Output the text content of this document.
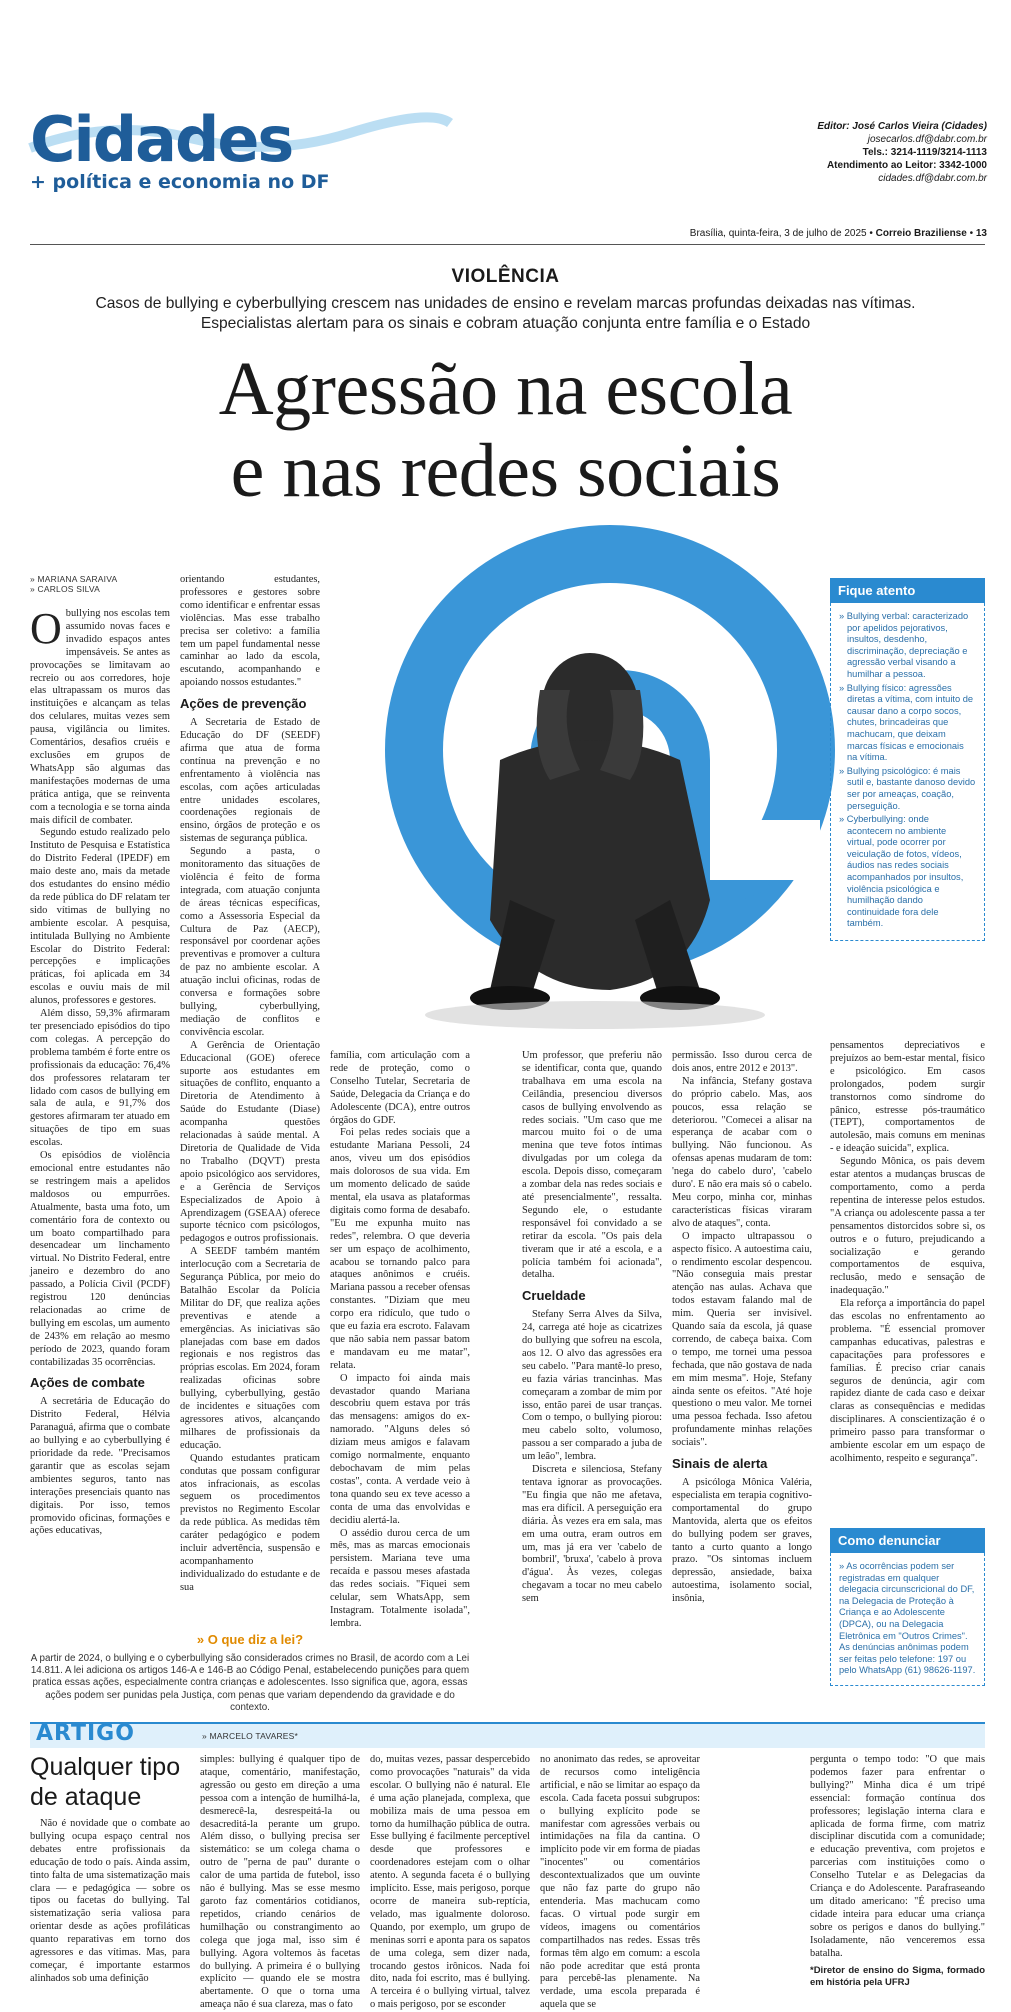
Cidades
+ política e economia no DF
Editor: José Carlos Vieira (Cidades)
josecarlos.df@dabr.com.br
Tels.: 3214-1119/3214-1113
Atendimento ao Leitor: 3342-1000
cidades.df@dabr.com.br
Brasília, quinta-feira, 3 de julho de 2025 • Correio Braziliense • 13
VIOLÊNCIA
Casos de bullying e cyberbullying crescem nas unidades de ensino e revelam marcas profundas deixadas nas vítimas.
Especialistas alertam para os sinais e cobram atuação conjunta entre família e o Estado
Agressão na escola
e nas redes sociais
» MARIANA SARAIVA
» CARLOS SILVA

Obullying nos escolas tem assumido novas faces e invadido espaços antes impensáveis. Se antes as provocações se limitavam ao recreio ou aos corredores, hoje elas ultrapassam os muros das instituições e alcançam as telas dos celulares, muitas vezes sem pausa, vigilância ou limites. Comentários, desafios cruéis e exclusões em grupos de WhatsApp são algumas das manifestações modernas de uma prática antiga, que se reinventa com a tecnologia e se torna ainda mais difícil de combater.

Segundo estudo realizado pelo Instituto de Pesquisa e Estatística do Distrito Federal (IPEDF) em maio deste ano, mais da metade dos estudantes do ensino médio da rede pública do DF relatam ter sido vítimas de bullying no ambiente escolar. A pesquisa, intitulada Bullying no Ambiente Escolar do Distrito Federal: percepções e implicações práticas, foi aplicada em 34 escolas e ouviu mais de mil alunos, professores e gestores.

Além disso, 59,3% afirmaram ter presenciado episódios do tipo com colegas. A percepção do problema também é forte entre os profissionais da educação: 76,4% dos professores relataram ter lidado com casos de bullying em sala de aula, e 91,7% dos gestores afirmaram ter atuado em situações de tipo em suas escolas.

Os episódios de violência emocional entre estudantes não se restringem mais a apelidos maldosos ou empurrões. Atualmente, basta uma foto, um comentário fora de contexto ou um boato compartilhado para desencadear um linchamento virtual. No Distrito Federal, entre janeiro e dezembro do ano passado, a Polícia Civil (PCDF) registrou 120 denúncias relacionadas ao crime de bullying em escolas, um aumento de 243% em relação ao mesmo período de 2023, quando foram contabilizadas 35 ocorrências.

Ações de combate

A secretária de Educação do Distrito Federal, Hélvia Paranaguá, afirma que o combate ao bullying e ao cyberbullying é prioridade da rede. "Precisamos garantir que as escolas sejam ambientes seguros, tanto nas interações presenciais quanto nas digitais. Por isso, temos promovido oficinas, formações e ações educativas,

orientando estudantes, professores e gestores sobre como identificar e enfrentar essas violências. Mas esse trabalho precisa ser coletivo: a família tem um papel fundamental nesse caminhar ao lado da escola, escutando, acompanhando e apoiando nossos estudantes."

Ações de prevenção

A Secretaria de Estado de Educação do DF (SEEDF) afirma que atua de forma contínua na prevenção e no enfrentamento à violência nas escolas, com ações articuladas entre unidades escolares, coordenações regionais de ensino, órgãos de proteção e os sistemas de segurança pública.

Segundo a pasta, o monitoramento das situações de violência é feito de forma integrada, com atuação conjunta de áreas técnicas específicas, como a Assessoria Especial da Cultura de Paz (AECP), responsável por coordenar ações preventivas e promover a cultura de paz no ambiente escolar. A atuação inclui oficinas, rodas de conversa e formações sobre bullying, cyberbullying, mediação de conflitos e convivência escolar.

A Gerência de Orientação Educacional (GOE) oferece suporte aos estudantes em situações de conflito, enquanto a Diretoria de Atendimento à Saúde do Estudante (Diase) acompanha questões relacionadas à saúde mental. A Diretoria de Qualidade de Vida no Trabalho (DQVT) presta apoio psicológico aos servidores, e a Gerência de Serviços Especializados de Apoio à Aprendizagem (GSEAA) oferece suporte técnico com psicólogos, pedagogos e outros profissionais.

A SEEDF também mantém interlocução com a Secretaria de Segurança Pública, por meio do Batalhão Escolar da Polícia Militar do DF, que realiza ações preventivas e atende a emergências. As iniciativas são planejadas com base em dados regionais e nos registros das próprias escolas. Em 2024, foram realizadas oficinas sobre bullying, cyberbullying, gestão de incidentes e situações com agressores ativos, alcançando milhares de profissionais da educação.

Quando estudantes praticam condutas que possam configurar atos infracionais, as escolas seguem os procedimentos previstos no Regimento Escolar da rede pública. As medidas têm caráter pedagógico e podem incluir advertência, suspensão e acompanhamento individualizado do estudante e de sua

família, com articulação com a rede de proteção, como o Conselho Tutelar, Secretaria de Saúde, Delegacia da Criança e do Adolescente (DCA), entre outros órgãos do GDF.

Foi pelas redes sociais que a estudante Mariana Pessoli, 24 anos, viveu um dos episódios mais dolorosos de sua vida. Em um momento delicado de saúde mental, ela usava as plataformas digitais como forma de desabafo. "Eu me expunha muito nas redes", relembra. O que deveria ser um espaço de acolhimento, acabou se tornando palco para ataques anônimos e cruéis. Mariana passou a receber ofensas constantes. "Diziam que meu corpo era ridículo, que tudo o que eu fazia era escroto. Falavam que não sabia nem passar batom e mandavam eu me matar", relata.

O impacto foi ainda mais devastador quando Mariana descobriu quem estava por trás das mensagens: amigos do ex-namorado. "Alguns deles só diziam meus amigos e falavam comigo normalmente, enquanto debochavam de mim pelas costas", conta. A verdade veio à tona quando seu ex teve acesso a conta de uma das envolvidas e decidiu alertá-la.

O assédio durou cerca de um mês, mas as marcas emocionais persistem. Mariana teve uma recaída e passou meses afastada das redes sociais. "Fiquei sem celular, sem WhatsApp, sem Instagram. Totalmente isolada", lembra.

Um professor, que preferiu não se identificar, conta que, quando trabalhava em uma escola na Ceilândia, presenciou diversos casos de bullying envolvendo as redes sociais. "Um caso que me marcou muito foi o de uma menina que teve fotos íntimas divulgadas por um colega da escola. Depois disso, começaram a zombar dela nas redes sociais e até presencialmente", ressalta. Segundo ele, o estudante responsável foi convidado a se retirar da escola. "Os pais dela tiveram que ir até a escola, e a polícia também foi acionada", detalha.

Crueldade

Stefany Serra Alves da Silva, 24, carrega até hoje as cicatrizes do bullying que sofreu na escola, aos 12. O alvo das agressões era seu cabelo. "Para mantê-lo preso, eu fazia várias trancinhas. Mas começaram a zombar de mim por isso, então parei de usar tranças. Com o tempo, o bullying piorou: meu cabelo solto, volumoso, passou a ser comparado a juba de um leão", lembra.

Discreta e silenciosa, Stefany tentava ignorar as provocações. "Eu fingia que não me afetava, mas era difícil. A perseguição era diária. Às vezes era em sala, mas em uma outra, eram outros em um, mas já era ver 'cabelo de bombril', 'bruxa', 'cabelo à prova d'água'. Às vezes, colegas chegavam a tocar no meu cabelo sem

permissão. Isso durou cerca de dois anos, entre 2012 e 2013".

Na infância, Stefany gostava do próprio cabelo. Mas, aos poucos, essa relação se deteriorou. "Comecei a alisar na esperança de acabar com o bullying. Não funcionou. As ofensas apenas mudaram de tom: 'nega do cabelo duro', 'cabelo duro'. E não era mais só o cabelo. Meu corpo, minha cor, minhas características físicas viraram alvo de ataques", conta.

O impacto ultrapassou o aspecto físico. A autoestima caiu, o rendimento escolar despencou. "Não conseguia mais prestar atenção nas aulas. Achava que todos estavam falando mal de mim. Queria ser invisível. Quando saía da escola, já quase correndo, de cabeça baixa. Com o tempo, me tornei uma pessoa fechada, que não gostava de nada em mim mesma". Hoje, Stefany ainda sente os efeitos. "Até hoje questiono o meu valor. Me tornei uma pessoa fechada. Isso afetou profundamente minhas relações sociais".

Sinais de alerta

A psicóloga Mônica Valéria, especialista em terapia cognitivo-comportamental do grupo Mantovida, alerta que os efeitos do bullying podem ser graves, tanto a curto quanto a longo prazo. "Os sintomas incluem depressão, ansiedade, baixa autoestima, isolamento social, insônia,

pensamentos depreciativos e prejuízos ao bem-estar mental, físico e psicológico. Em casos prolongados, podem surgir transtornos como síndrome do pânico, estresse pós-traumático (TEPT), comportamentos de autolesão, mais comuns em meninas - e ideação suicida", explica.

Segundo Mônica, os pais devem estar atentos a mudanças bruscas de comportamento, como a perda repentina de interesse pelos estudos. "A criança ou adolescente passa a ter pensamentos distorcidos sobre si, os outros e o futuro, prejudicando a socialização e gerando comportamentos de esquiva, reclusão, medo e sensação de inadequação."

Ela reforça a importância do papel das escolas no enfrentamento ao problema. "É essencial promover campanhas educativas, palestras e capacitações para professores e famílias. É preciso criar canais seguros de denúncia, agir com rapidez diante de cada caso e deixar claras as consequências e medidas disciplinares. A conscientização é o primeiro passo para transformar o ambiente escolar em um espaço de acolhimento, respeito e segurança".

Fique atento
» Bullying verbal: caracterizado por apelidos pejorativos, insultos, desdenho, discriminação, depreciação e agressão verbal visando a humilhar a pessoa.
» Bullying físico: agressões diretas a vítima, com intuito de causar dano a corpo socos, chutes, brincadeiras que machucam, que deixam marcas físicas e emocionais na vítima.
» Bullying psicológico: é mais sutil e, bastante danoso devido ser por ameaças, coação, perseguição.
» Cyberbullying: onde acontecem no ambiente virtual, pode ocorrer por veiculação de fotos, vídeos, áudios nas redes sociais acompanhados por insultos, violência psicológica e humilhação dando continuidade fora dele também.
Como denunciar
» As ocorrências podem ser registradas em qualquer delegacia circunscricional do DF, na Delegacia de Proteção à Criança e ao Adolescente (DPCA), ou na Delegacia Eletrônica em "Outros Crimes". As denúncias anônimas podem ser feitas pelo telefone: 197 ou pelo WhatsApp (61) 98626-1197.
» O que diz a lei?
A partir de 2024, o bullying e o cyberbullying são considerados crimes no Brasil, de acordo com a Lei 14.811. A lei adiciona os artigos 146-A e 146-B ao Código Penal, estabelecendo punições para quem pratica essas ações, especialmente contra crianças e adolescentes. Isso significa que, agora, essas ações podem ser punidas pela Justiça, com penas que variam dependendo da gravidade e do contexto.
ARTIGO	» MARCELO TAVARES*
Qualquer tipo
de ataque

Não é novidade que o combate ao bullying ocupa espaço central nos debates entre profissionais da educação de todo o país. Ainda assim, tinto falta de uma sistematização mais clara — e pedagógica — sobre os tipos ou facetas do bullying. Tal sistematização seria valiosa para orientar desde as ações profiláticas quanto reparativas em torno dos agressores e das vítimas. Mas, para começar, é importante estarmos alinhados sob uma definição

simples: bullying é qualquer tipo de ataque, comentário, manifestação, agressão ou gesto em direção a uma pessoa com a intenção de humilhá-la, desmerecê-la, desrespeitá-la ou desacreditá-la perante um grupo. Além disso, o bullying precisa ser sistemático: se um colega chama o outro de "perna de pau" durante o calor de uma partida de futebol, isso não é bullying. Mas se esse mesmo garoto faz comentários cotidianos, repetidos, criando cenários de humilhação ou constrangimento ao colega que joga mal, isso sim é bullying. Agora voltemos às facetas do bullying. A primeira é o bullying explícito — quando ele se mostra abertamente. O que o torna uma ameaça não é sua clareza, mas o fato

do, muitas vezes, passar despercebido como provocações "naturais" da vida escolar. O bullying não é natural. Ele é uma ação planejada, complexa, que mobiliza mais de uma pessoa em torno da humilhação pública de outra. Esse bullying é facilmente perceptível desde que professores e coordenadores estejam com o olhar atento. A segunda faceta é o bullying implícito. Esse, mais perigoso, porque ocorre de maneira sub-reptícia, velado, mas igualmente doloroso. Quando, por exemplo, um grupo de meninas sorri e aponta para os sapatos de uma colega, sem dizer nada, trocando gestos irônicos. Nada foi dito, nada foi escrito, mas é bullying. A terceira é o bullying virtual, talvez o mais perigoso, por se esconder

no anonimato das redes, se aproveitar de recursos como inteligência artificial, e não se limitar ao espaço da escola. Cada faceta possui subgrupos: o bullying explícito pode se manifestar com agressões verbais ou intimidações na fila da cantina. O implícito pode vir em forma de piadas "inocentes" ou comentários descontextualizados que um ouvinte que não faz parte do grupo não entenderia. Mas machucam como facas. O virtual pode surgir em vídeos, imagens ou comentários compartilhados nas redes. Essas três formas têm algo em comum: a escola não pode acreditar que está pronta para percebê-las plenamente. Na verdade, uma escola preparada é aquela que se

pergunta o tempo todo: "O que mais podemos fazer para enfrentar o bullying?" Minha dica é um tripé essencial: formação contínua dos professores; legislação interna clara e aplicada de forma firme, com matriz disciplinar discutida com a comunidade; e educação preventiva, com projetos e parcerias com instituições como o Conselho Tutelar e as Delegacias da Criança e do Adolescente. Parafraseando um ditado americano: "É preciso uma cidade inteira para educar uma criança sobre os perigos e danos do bullying." Isoladamente, não venceremos essa batalha.

*Diretor de ensino do Sigma, formado em história pela UFRJ
